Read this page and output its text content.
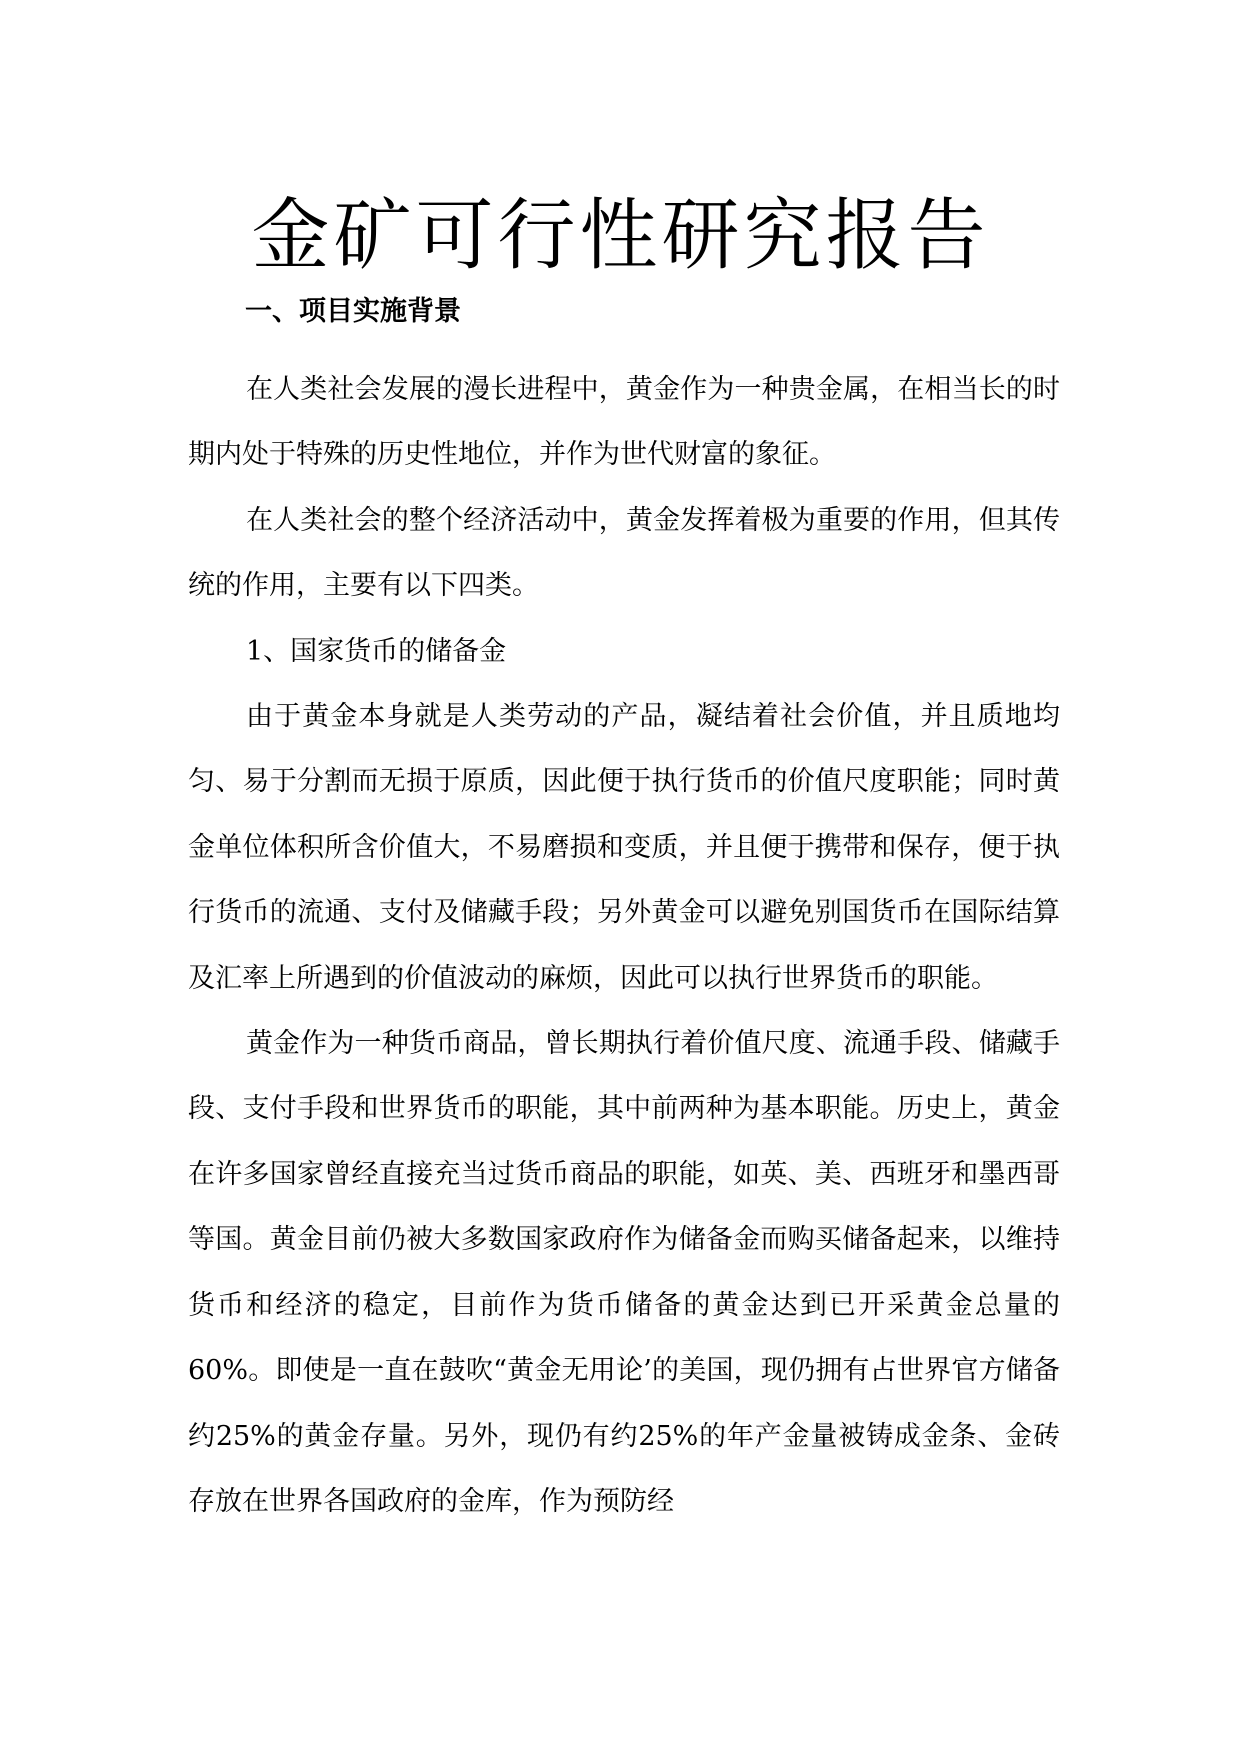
金矿可行性研究报告
一、项目实施背景

在人类社会发展的漫长进程中，黄金作为一种贵金属，在相当长的时期内处于特殊的历史性地位，并作为世代财富的象征。

在人类社会的整个经济活动中，黄金发挥着极为重要的作用，但其传统的作用，主要有以下四类。

1、国家货币的储备金

由于黄金本身就是人类劳动的产品，凝结着社会价值，并且质地均匀、易于分割而无损于原质，因此便于执行货币的价值尺度职能；同时黄金单位体积所含价值大，不易磨损和变质，并且便于携带和保存，便于执行货币的流通、支付及储藏手段；另外黄金可以避免别国货币在国际结算及汇率上所遇到的价值波动的麻烦，因此可以执行世界货币的职能。

黄金作为一种货币商品，曾长期执行着价值尺度、流通手段、储藏手段、支付手段和世界货币的职能，其中前两种为基本职能。历史上，黄金在许多国家曾经直接充当过货币商品的职能，如英、美、西班牙和墨西哥等国。黄金目前仍被大多数国家政府作为储备金而购买储备起来，以维持货币和经济的稳定，目前作为货币储备的黄金达到已开采黄金总量的60%。即使是一直在鼓吹“黄金无用论’的美国，现仍拥有占世界官方储备约25%的黄金存量。另外，现仍有约25%的年产金量被铸成金条、金砖存放在世界各国政府的金库，作为预防经
